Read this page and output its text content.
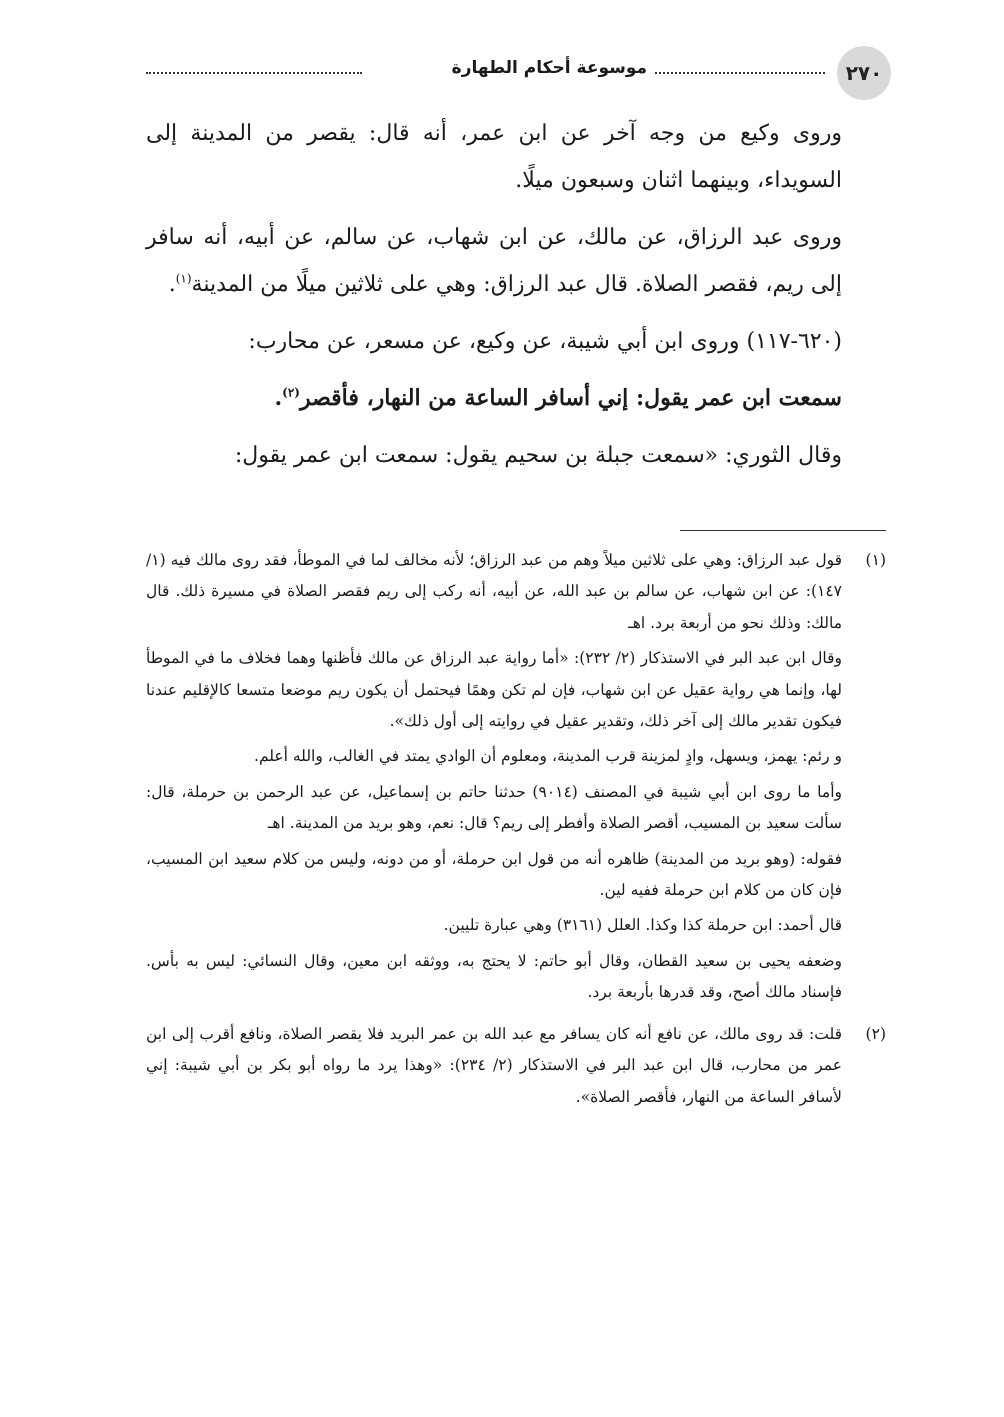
موسوعة أحكام الطهارة	٢٧٠

وروى وكيع من وجه آخر عن ابن عمر، أنه قال: يقصر من المدينة إلى السويداء، وبينهما اثنان وسبعون ميلًا.

وروى عبد الرزاق، عن مالك، عن ابن شهاب، عن سالم، عن أبيه، أنه سافر إلى ريم، فقصر الصلاة. قال عبد الرزاق: وهي على ثلاثين ميلًا من المدينة$^{(١)}$.

(٦٢٠-١١٧) وروى ابن أبي شيبة، عن وكيع، عن مسعر، عن محارب:

سمعت ابن عمر يقول: إني أسافر الساعة من النهار، فأقصر$^{(٢)}$.

وقال الثوري: «سمعت جبلة بن سحيم يقول: سمعت ابن عمر يقول:

(١)

قول عبد الرزاق: وهي على ثلاثين ميلاً وهم من عبد الرزاق؛ لأنه مخالف لما في الموطأ، فقد روى مالك فيه (١/ ١٤٧): عن ابن شهاب، عن سالم بن عبد الله، عن أبيه، أنه ركب إلى ريم فقصر الصلاة في مسيرة ذلك. قال مالك: وذلك نحو من أربعة برد. اهـ

وقال ابن عبد البر في الاستذكار (٢/ ٢٣٢): «أما رواية عبد الرزاق عن مالك فأظنها وهما فخلاف ما في الموطأ لها، وإنما هي رواية عقيل عن ابن شهاب، فإن لم تكن وهمًا فيحتمل أن يكون ريم موضعا متسعا كالإقليم عندنا فيكون تقدير مالك إلى آخر ذلك، وتقدير عقيل في روايته إلى أول ذلك».

و رئم: يهمز، ويسهل، وادٍ لمزينة قرب المدينة، ومعلوم أن الوادي يمتد في الغالب، والله أعلم.

وأما ما روى ابن أبي شيبة في المصنف (٩٠١٤) حدثنا حاتم بن إسماعيل، عن عبد الرحمن بن حرملة، قال: سألت سعيد بن المسيب، أقصر الصلاة وأفطر إلى ريم؟ قال: نعم، وهو بريد من المدينة. اهـ

فقوله: (وهو بريد من المدينة) ظاهره أنه من قول ابن حرملة، أو من دونه، وليس من كلام سعيد ابن المسيب، فإن كان من كلام ابن حرملة ففيه لين.

قال أحمد: ابن حرملة كذا وكذا. العلل (٣١٦١) وهي عبارة تليين.

وضعفه يحيى بن سعيد القطان، وقال أبو حاتم: لا يحتج به، ووثقه ابن معين، وقال النسائي: ليس به بأس. فإسناد مالك أصح، وقد قدرها بأربعة برد.

(٢)

قلت: قد روى مالك، عن نافع أنه كان يسافر مع عبد الله بن عمر البريد فلا يقصر الصلاة، ونافع أقرب إلى ابن عمر من محارب، قال ابن عبد البر في الاستذكار (٢/ ٢٣٤): «وهذا يرد ما رواه أبو بكر بن أبي شيبة: إني لأسافر الساعة من النهار، فأقصر الصلاة».
